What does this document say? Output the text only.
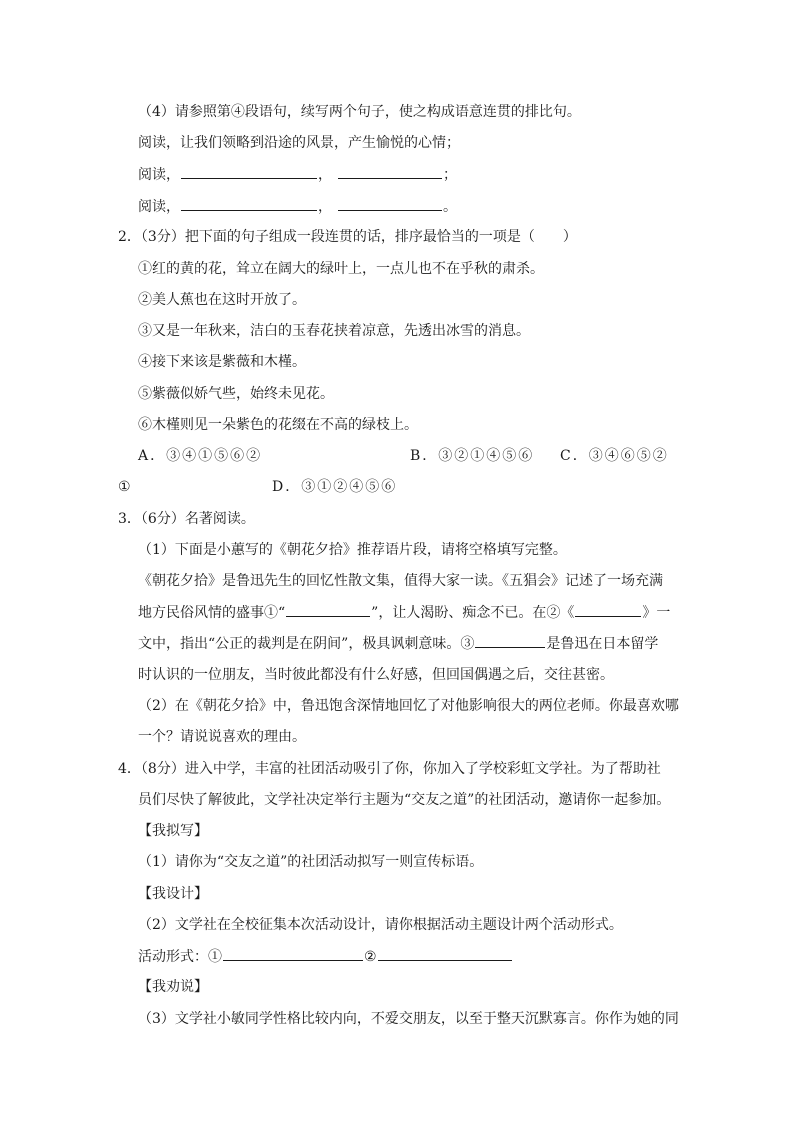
（4）请参照第④段语句，续写两个句子，使之构成语意连贯的排比句。
阅读，让我们领略到沿途的风景，产生愉悦的心情；
阅读，	，	；
阅读，	，	。
2．（3分）把下面的句子组成一段连贯的话，排序最恰当的一项是（　　）
①红的黄的花，耸立在阔大的绿叶上，一点儿也不在乎秋的肃杀。
②美人蕉也在这时开放了。
③又是一年秋来，洁白的玉春花挟着凉意，先透出冰雪的消息。
④接下来该是紫薇和木槿。
⑤紫薇似娇气些，始终未见花。
⑥木槿则见一朵紫色的花缀在不高的绿枝上。
A．③④①⑤⑥②	B．③②①④⑤⑥ C．③④⑥⑤②
①	D．③①②④⑤⑥
3．（6分）名著阅读。
（1）下面是小蕙写的《朝花夕拾》推荐语片段，请将空格填写完整。
《朝花夕拾》是鲁迅先生的回忆性散文集，值得大家一读。《五猖会》记述了一场充满
地方民俗风情的盛事①“	”，让人渴盼、痴念不已。在②《	》一
文中，指出“公正的裁判是在阴间”，极具讽刺意味。③	是鲁迅在日本留学
时认识的一位朋友，当时彼此都没有什么好感，但回国偶遇之后，交往甚密。
（2）在《朝花夕拾》中，鲁迅饱含深情地回忆了对他影响很大的两位老师。你最喜欢哪
一个？请说说喜欢的理由。
4．（8分）进入中学，丰富的社团活动吸引了你，你加入了学校彩虹文学社。为了帮助社
员们尽快了解彼此，文学社决定举行主题为“交友之道”的社团活动，邀请你一起参加。
【我拟写】
（1）请你为“交友之道”的社团活动拟写一则宣传标语。
【我设计】
（2）文学社在全校征集本次活动设计，请你根据活动主题设计两个活动形式。
活动形式：①	②
【我劝说】
（3）文学社小敏同学性格比较内向，不爱交朋友，以至于整天沉默寡言。你作为她的同
